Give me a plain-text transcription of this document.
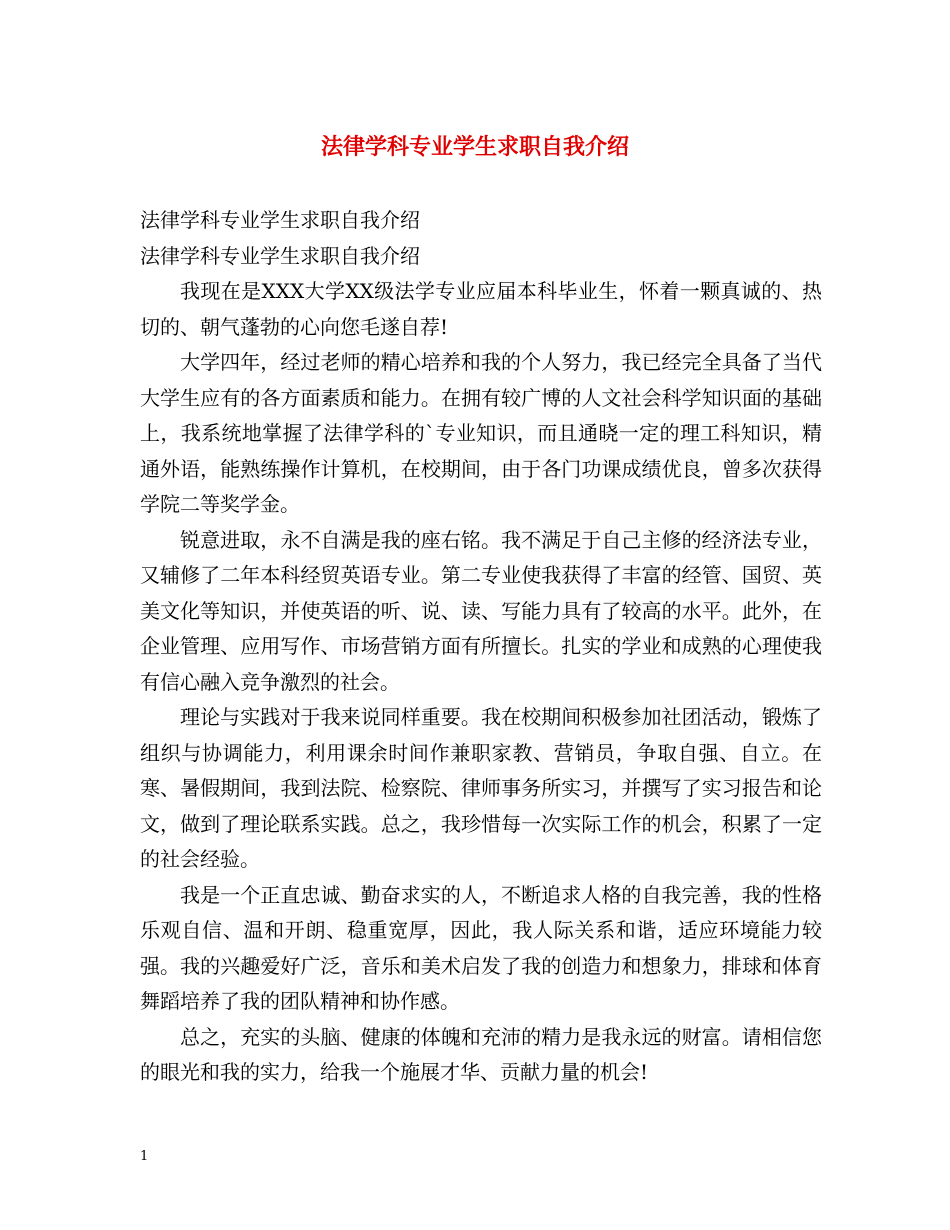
法律学科专业学生求职自我介绍

法律学科专业学生求职自我介绍

法律学科专业学生求职自我介绍

我现在是XXX大学XX级法学专业应届本科毕业生，怀着一颗真诚的、热切的、朝气蓬勃的心向您毛遂自荐!

大学四年，经过老师的精心培养和我的个人努力，我已经完全具备了当代大学生应有的各方面素质和能力。在拥有较广博的人文社会科学知识面的基础上，我系统地掌握了法律学科的`专业知识，而且通晓一定的理工科知识，精通外语，能熟练操作计算机，在校期间，由于各门功课成绩优良，曾多次获得学院二等奖学金。

锐意进取，永不自满是我的座右铭。我不满足于自己主修的经济法专业，又辅修了二年本科经贸英语专业。第二专业使我获得了丰富的经管、国贸、英美文化等知识，并使英语的听、说、读、写能力具有了较高的水平。此外，在企业管理、应用写作、市场营销方面有所擅长。扎实的学业和成熟的心理使我有信心融入竞争激烈的社会。

理论与实践对于我来说同样重要。我在校期间积极参加社团活动，锻炼了组织与协调能力，利用课余时间作兼职家教、营销员，争取自强、自立。在寒、暑假期间，我到法院、检察院、律师事务所实习，并撰写了实习报告和论文，做到了理论联系实践。总之，我珍惜每一次实际工作的机会，积累了一定的社会经验。

我是一个正直忠诚、勤奋求实的人，不断追求人格的自我完善，我的性格乐观自信、温和开朗、稳重宽厚，因此，我人际关系和谐，适应环境能力较强。我的兴趣爱好广泛，音乐和美术启发了我的创造力和想象力，排球和体育舞蹈培养了我的团队精神和协作感。

总之，充实的头脑、健康的体魄和充沛的精力是我永远的财富。请相信您的眼光和我的实力，给我一个施展才华、贡献力量的机会!

1
